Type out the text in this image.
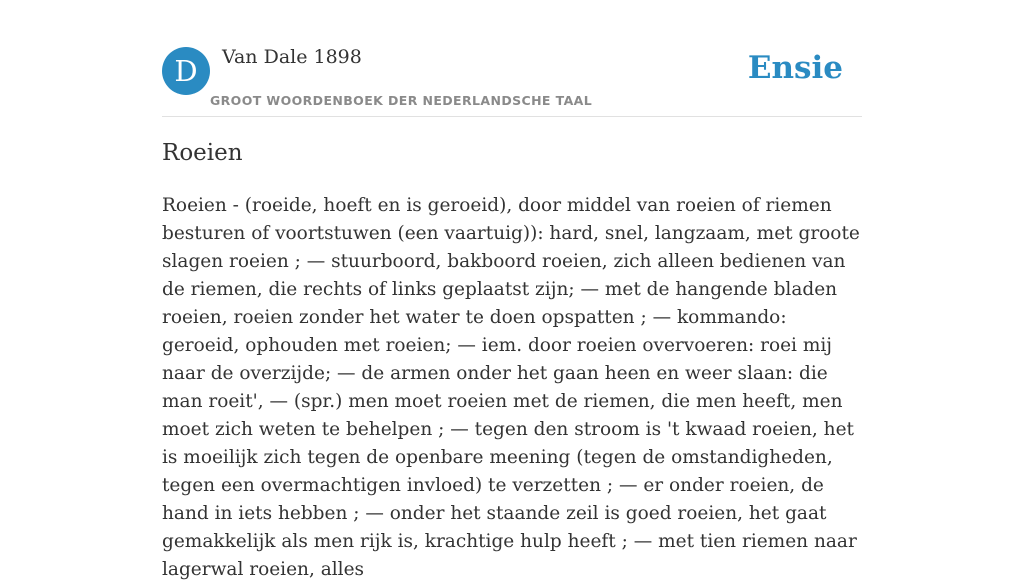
D	Van Dale 1898
GROOT WOORDENBOEK DER NEDERLANDSCHE TAAL
Ensie
Roeien

Roeien - (roeide, hoeft en is geroeid), door middel van roeien of riemen besturen of voortstuwen (een vaartuig)): hard, snel, langzaam, met groote slagen roeien ; — stuurboord, bakboord roeien, zich alleen bedienen van de riemen, die rechts of links geplaatst zijn; — met de hangende bladen roeien, roeien zonder het water te doen opspatten ; — kommando: geroeid, ophouden met roeien; — iem. door roeien overvoeren: roei mij naar de overzijde; — de armen onder het gaan heen en weer slaan: die man roeit', — (spr.) men moet roeien met de riemen, die men heeft, men moet zich weten te behelpen ; — tegen den stroom is 't kwaad roeien, het is moeilijk zich tegen de openbare meening (tegen de omstandigheden, tegen een overmachtigen invloed) te verzetten ; — er onder roeien, de hand in iets hebben ; — onder het staande zeil is goed roeien, het gaat gemakkelijk als men rijk is, krachtige hulp heeft ; — met tien riemen naar lagerwal roeien, alles
